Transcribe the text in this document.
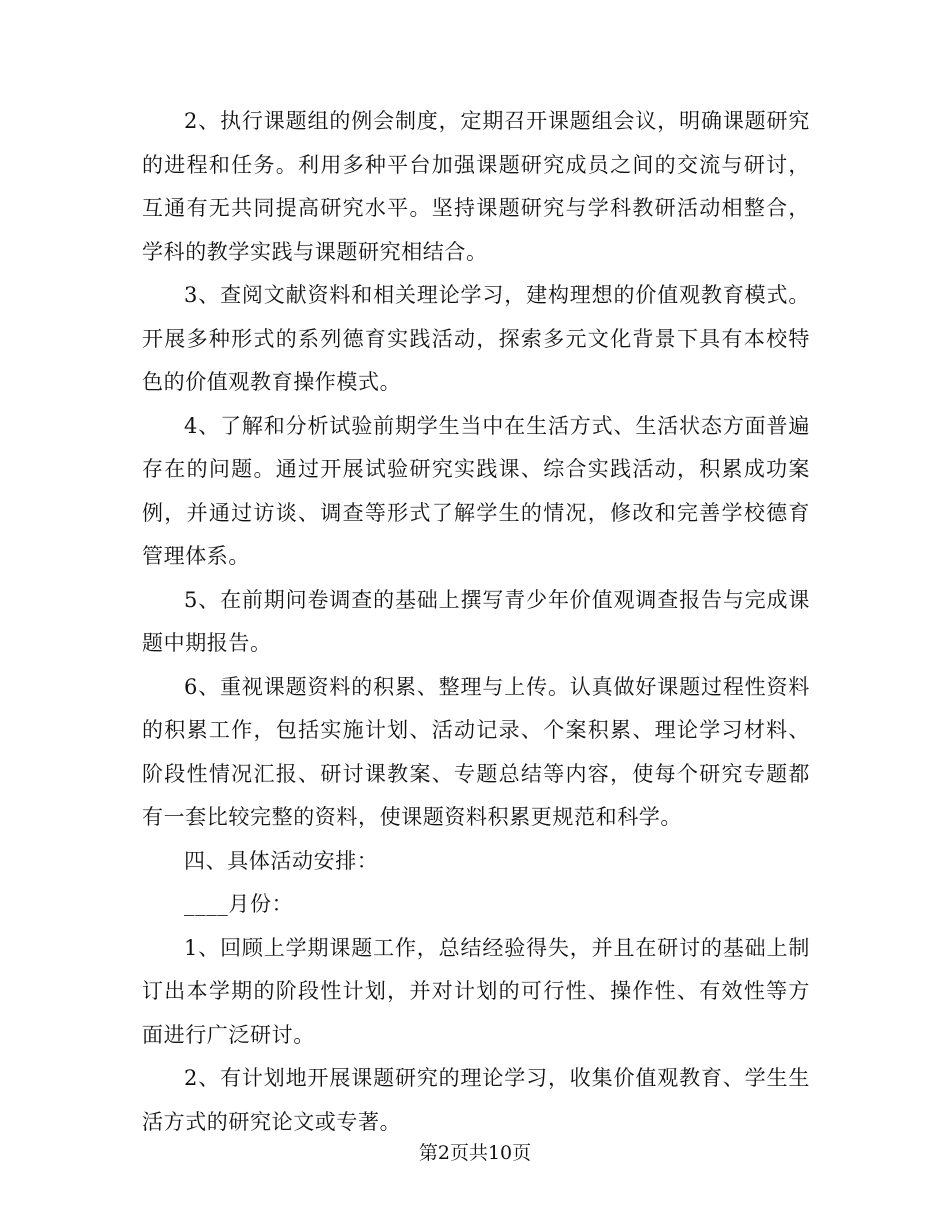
2、执行课题组的例会制度，定期召开课题组会议，明确课题研究的进程和任务。利用多种平台加强课题研究成员之间的交流与研讨，互通有无共同提高研究水平。坚持课题研究与学科教研活动相整合，学科的教学实践与课题研究相结合。

3、查阅文献资料和相关理论学习，建构理想的价值观教育模式。开展多种形式的系列德育实践活动，探索多元文化背景下具有本校特色的价值观教育操作模式。

4、了解和分析试验前期学生当中在生活方式、生活状态方面普遍存在的问题。通过开展试验研究实践课、综合实践活动，积累成功案例，并通过访谈、调查等形式了解学生的情况，修改和完善学校德育管理体系。

5、在前期问卷调查的基础上撰写青少年价值观调查报告与完成课题中期报告。

6、重视课题资料的积累、整理与上传。认真做好课题过程性资料的积累工作，包括实施计划、活动记录、个案积累、理论学习材料、阶段性情况汇报、研讨课教案、专题总结等内容，使每个研究专题都有一套比较完整的资料，使课题资料积累更规范和科学。

四、具体活动安排：

____月份：

1、回顾上学期课题工作，总结经验得失，并且在研讨的基础上制订出本学期的阶段性计划，并对计划的可行性、操作性、有效性等方面进行广泛研讨。

2、有计划地开展课题研究的理论学习，收集价值观教育、学生生活方式的研究论文或专著。

第2页共10页
